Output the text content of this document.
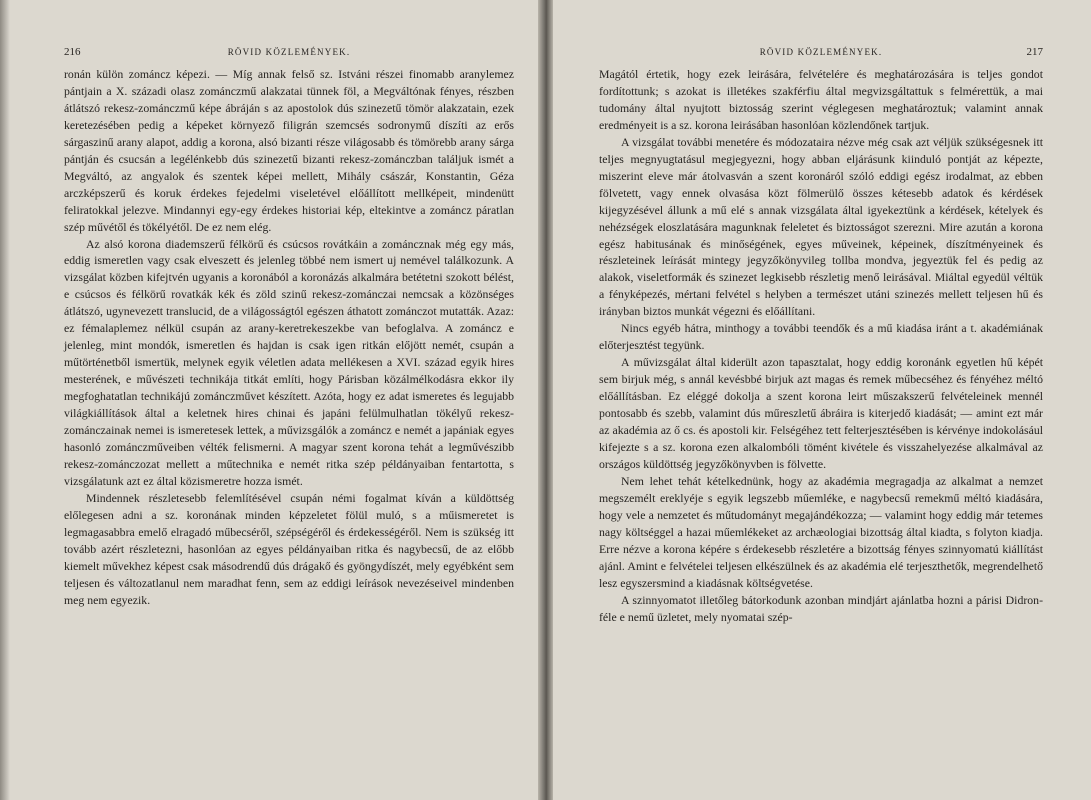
216	RÖVID KÖZLEMÉNYEK.

ronán külön zománcz képezi. — Míg annak felső sz. Istváni részei finomabb aranylemez pántjain a X. századi olasz zománczmű alakzatai tünnek föl, a Megváltónak fényes, részben átlátszó rekesz-zománczmű képe ábráján s az apostolok dús szinezetű tömör alakzatain, ezek keretezésében pedig a képeket környező filigrán szemcsés sodronymű díszíti az erős sárgaszinű arany alapot, addig a korona, alsó bizanti része világosabb és tömörebb arany sárga pántján és csucsán a legélénkebb dús szinezetű bizanti rekesz-zománczban találjuk ismét a Megváltó, az angyalok és szentek képei mellett, Mihály császár, Konstantin, Géza arczképszerű és koruk érdekes fejedelmi viseletével előállított mellképeit, mindenütt feliratokkal jelezve. Mindannyi egy-egy érdekes historiai kép, eltekintve a zománcz páratlan szép művétől és tökélyétől. De ez nem elég.

Az alsó korona diademszerű félkörű és csúcsos rovátkáin a zománcznak még egy más, eddig ismeretlen vagy csak elveszett és jelenleg többé nem ismert uj nemével találkozunk. A vizsgálat közben kifejtvén ugyanis a koronából a koronázás alkalmára betétetni szokott bélést, e csúcsos és félkörű rovatkák kék és zöld szinű rekesz-zománczai nemcsak a közönséges átlátszó, ugynevezett translucid, de a világosságtól egészen áthatott zománczot mutatták. Azaz: ez fémalaplemez nélkül csupán az arany-keretrekeszekbe van befoglalva. A zománcz e jelenleg, mint mondók, ismeretlen és hajdan is csak igen ritkán előjött nemét, csupán a műtörténetből ismertük, melynek egyik véletlen adata mellékesen a XVI. század egyik hires mesterének, e művészeti technikája titkát említi, hogy Párisban közálmélkodásra ekkor ily megfoghatatlan technikájú zománczművet készített. Azóta, hogy ez adat ismeretes és legujabb világkiállítások által a keletnek hires chinai és japáni felülmulhatlan tökélyű rekesz-zománczainak nemei is ismeretesek lettek, a művizsgálók a zománcz e nemét a japániak egyes hasonló zománczműveiben vélték felismerni. A magyar szent korona tehát a legművészibb rekesz-zománczozat mellett a műtechnika e nemét ritka szép példányaiban fentartotta, s vizsgálatunk azt ez által közismeretre hozza ismét.

Mindennek részletesebb felemlítésével csupán némi fogalmat kíván a küldöttség előlegesen adni a sz. koronának minden képzeletet fölül muló, s a műismeretet is legmagasabbra emelő elragadó műbecséről, szépségéről és érdekességéről. Nem is szükség itt tovább azért részletezni, hasonlóan az egyes példányaiban ritka és nagybecsű, de az előbb kiemelt művekhez képest csak másodrendű dús drágakő és gyöngydíszét, mely egyébként sem teljesen és változatlanul nem maradhat fenn, sem az eddigi leírások nevezéseivel mindenben meg nem egyezik.

RÖVID KÖZLEMÉNYEK.	217

Magától értetik, hogy ezek leirására, felvételére és meghatározására is teljes gondot fordítottunk; s azokat is illetékes szakférfiu által megvizsgáltattuk s felmérettük, a mai tudomány által nyujtott biztosság szerint véglegesen meghatároztuk; valamint annak eredményeit is a sz. korona leirásában hasonlóan közlendőnek tartjuk.

A vizsgálat további menetére és módozataira nézve még csak azt véljük szükségesnek itt teljes megnyugtatásul megjegyezni, hogy abban eljárásunk kiinduló pontját az képezte, miszerint eleve már átolvasván a szent koronáról szóló eddigi egész irodalmat, az ebben fölvetett, vagy ennek olvasása közt fölmerülő összes kétesebb adatok és kérdések kijegyzésével állunk a mű elé s annak vizsgálata által igyekeztünk a kérdések, kételyek és nehézségek eloszlatására magunknak feleletet és biztosságot szerezni. Mire azután a korona egész habitusának és minőségének, egyes műveinek, képeinek, díszítményeinek és részleteinek leírását mintegy jegyzőkönyvileg tollba mondva, jegyeztük fel és pedig az alakok, viseletformák és szinezet legkisebb részletig menő leirásával. Miáltal egyedül véltük a fényképezés, mértani felvétel s helyben a természet utáni szinezés mellett teljesen hű és irányban biztos munkát végezni és előállítani.

Nincs egyéb hátra, minthogy a további teendők és a mű kiadása iránt a t. akadémiának előterjesztést tegyünk.

A művizsgálat által kiderült azon tapasztalat, hogy eddig koronánk egyetlen hű képét sem birjuk még, s annál kevésbbé birjuk azt magas és remek műbecséhez és fényéhez méltó előállításban. Ez eléggé dokolja a szent korona leirt műszakszerű felvételeinek mennél pontosabb és szebb, valamint dús műreszletű ábráira is kiterjedő kiadását; — amint ezt már az akadémia az ő cs. és apostoli kir. Felségéhez tett felterjesztésében is kérvénye indokolásául kifejezte s a sz. korona ezen alkalombóli tömént kivétele és visszahelyezése alkalmával az országos küldöttség jegyzőkönyvben is fölvette.

Nem lehet tehát kételkednünk, hogy az akadémia megragadja az alkalmat a nemzet megszemélt ereklyéje s egyik legszebb műemléke, e nagybecsű remekmű méltó kiadására, hogy vele a nemzetet és műtudományt megajándékozza; — valamint hogy eddig már tetemes nagy költséggel a hazai műemlékeket az archæologiai bizottság által kiadta, s folyton kiadja. Erre nézve a korona képére s érdekesebb részletére a bizottság fényes szinnyomatú kiállítást ajánl. Amint e felvételei teljesen elkészülnek és az akadémia elé terjeszthetők, megrendelhető lesz egyszersmind a kiadásnak költségvetése.

A szinnyomatot illetőleg bátorkodunk azonban mindjárt ajánlatba hozni a párisi Didron-féle e nemű üzletet, mely nyomatai szép-
